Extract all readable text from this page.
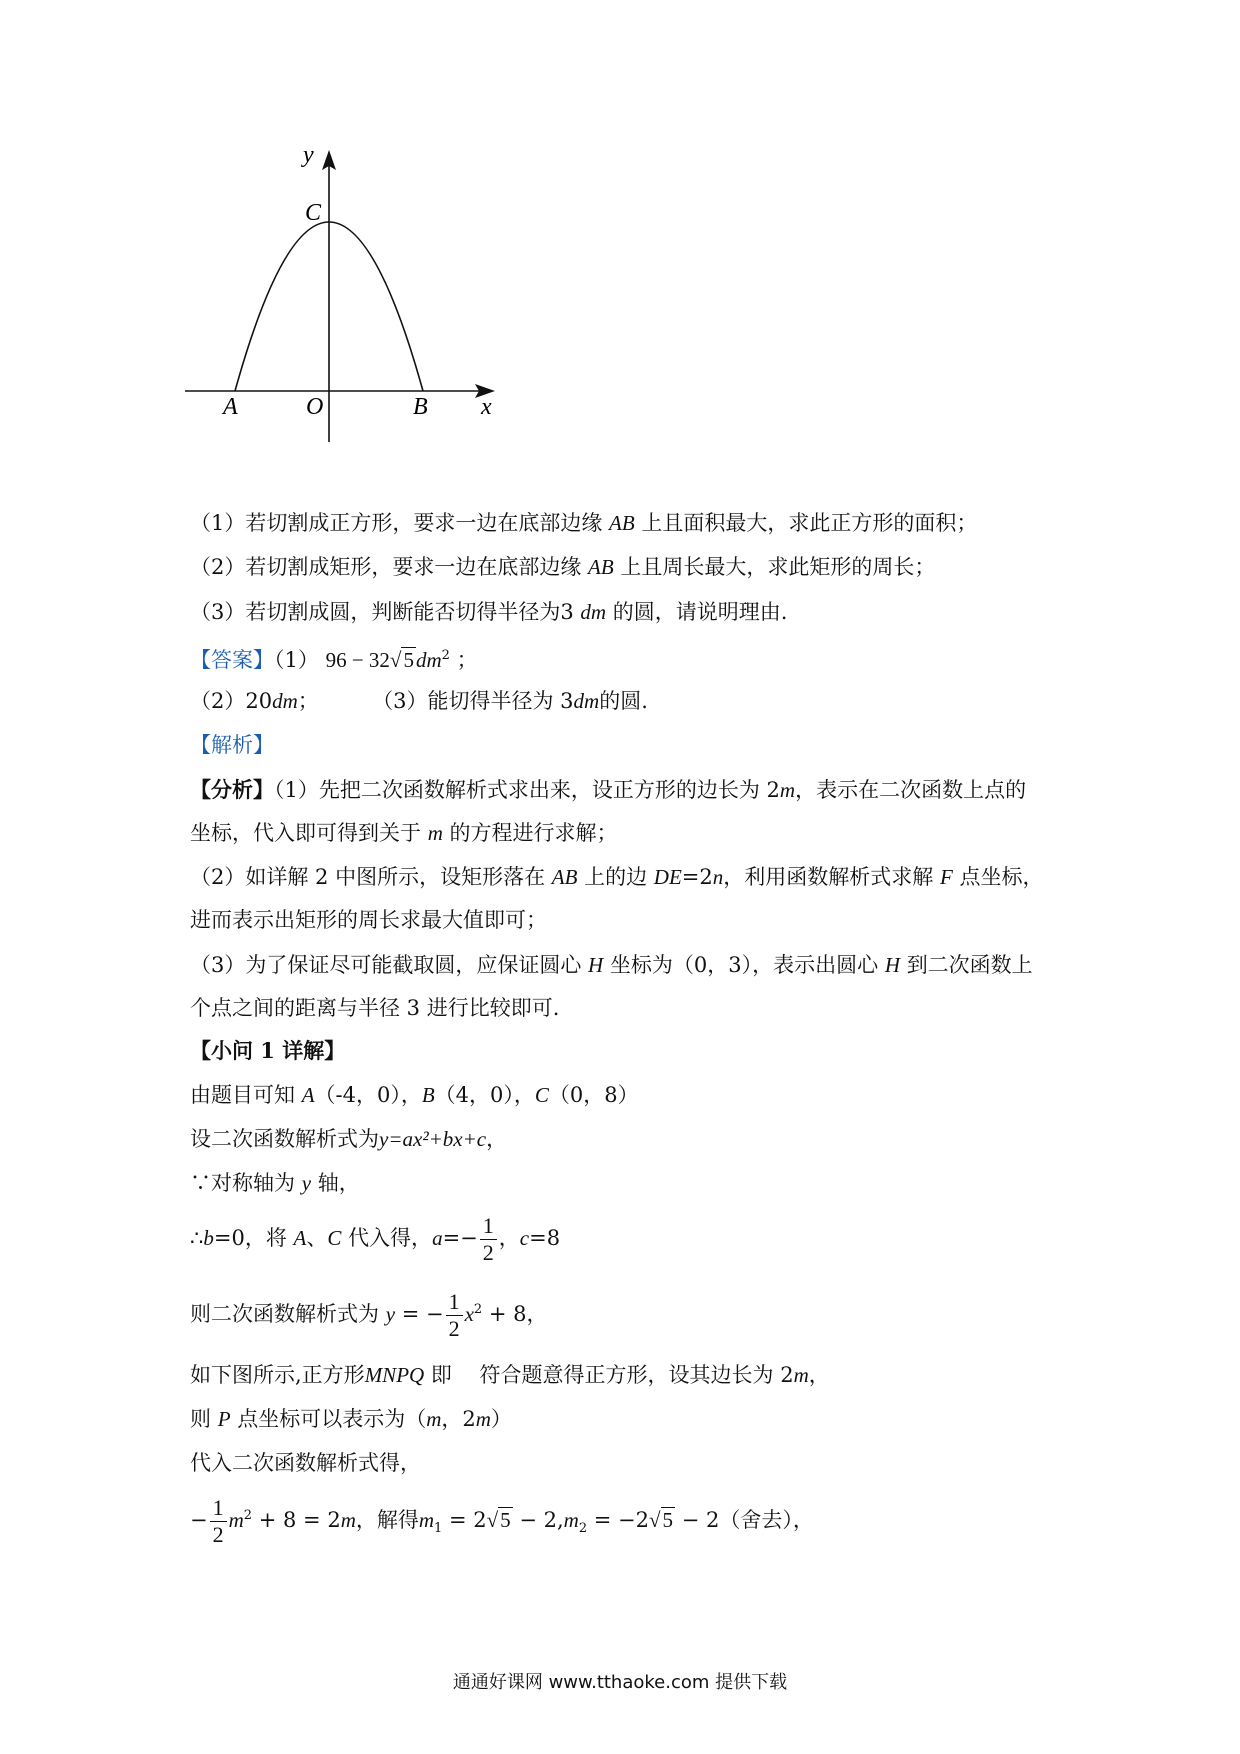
y
x
C
A	O	B
（1）若切割成正方形，要求一边在底部边缘 AB 上且面积最大，求此正方形的面积；
（2）若切割成矩形，要求一边在底部边缘 AB 上且周长最大，求此矩形的周长；
（3）若切割成圆，判断能否切得半径为3 dm 的圆，请说明理由.
【答案】（1） $96 - 32√5dm^2$ ；
（2）20dm；	（3）能切得半径为 3dm的圆.
【解析】
【分析】（1）先把二次函数解析式求出来，设正方形的边长为 2m，表示在二次函数上点的
坐标，代入即可得到关于 m 的方程进行求解；
（2）如详解 2 中图所示，设矩形落在 AB 上的边 DE=2n，利用函数解析式求解 F 点坐标，
进而表示出矩形的周长求最大值即可；
（3）为了保证尽可能截取圆，应保证圆心 H 坐标为（0，3），表示出圆心 H 到二次函数上
个点之间的距离与半径 3 进行比较即可.
【小问 1 详解】
由题目可知 A（-4，0），B（4，0），C（0，8）
设二次函数解析式为y=ax²+bx+c，
∵对称轴为 y 轴，
∴b=0，将 A、C 代入得，$a=- \frac{1}{2}$ ，c=8
则二次函数解析式为 y = − $\frac{1}{2} x^2 + 8$，
如下图所示,正方形MNPQ 即　 符合题意得正方形，设其边长为 2m，
则 P 点坐标可以表示为（m，2m）
代入二次函数解析式得，
− $\frac{1}{2} m^2 + 8 = 2m$，解得$m_1 = 2√5 - 2,m_2 = -2√5 - 2$（舍去），
通通好课网 www.tthaoke.com 提供下载
